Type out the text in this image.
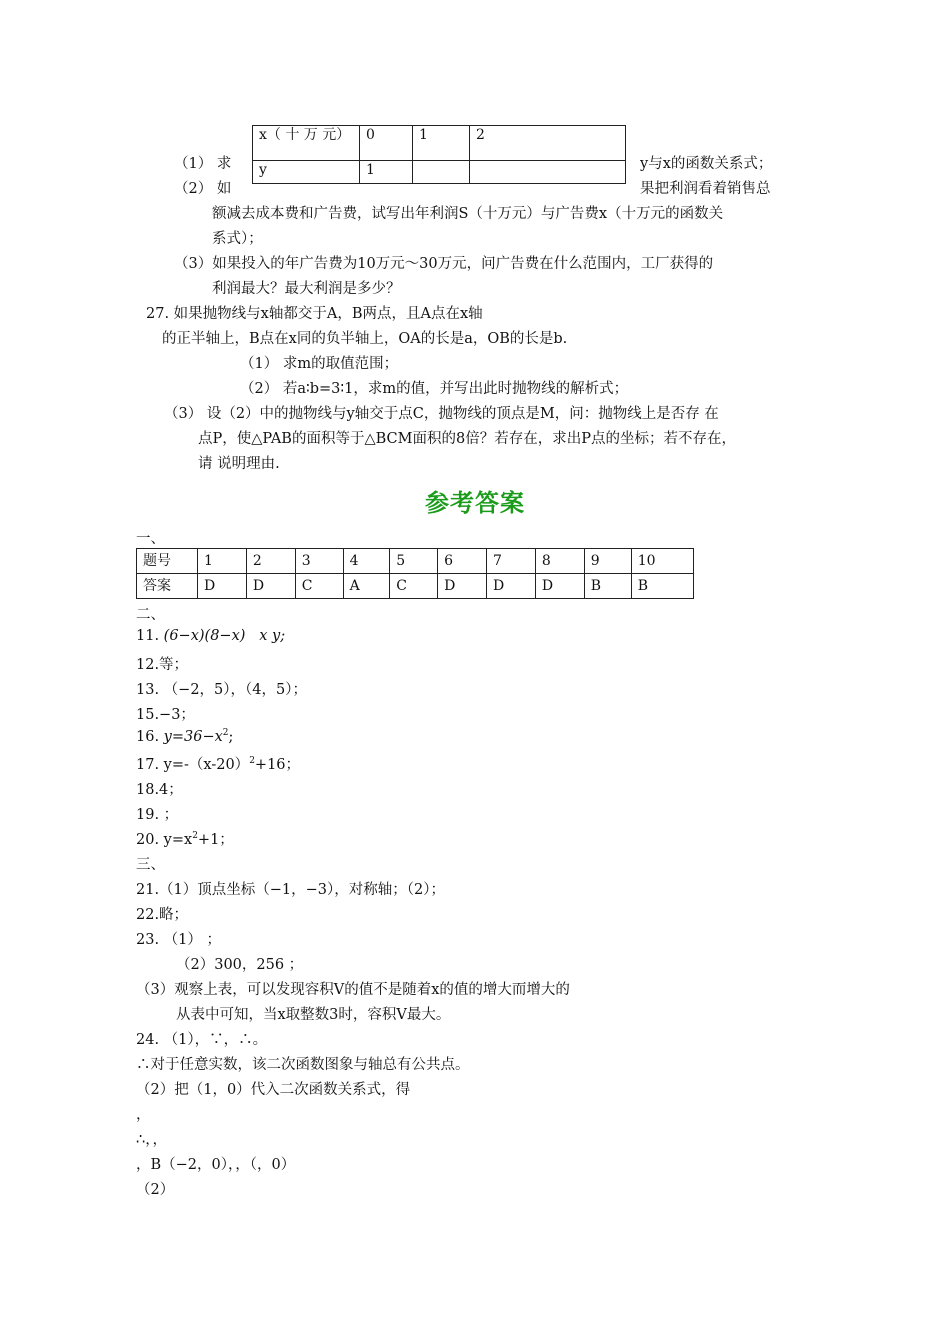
x（ 十 万 元）	0	1	2
y	1		
（1） 求	y与x的函数关系式；
（2） 如	果把利润看着销售总
额减去成本费和广告费，试写出年利润S（十万元）与广告费x（十万元的函数关
系式）；
（3）如果投入的年广告费为10万元～30万元，问广告费在什么范围内，工厂获得的
利润最大？最大利润是多少？
27. 如果抛物线与x轴都交于A，B两点，且A点在x轴
的正半轴上，B点在x同的负半轴上，OA的长是a，OB的长是b.
（1） 求m的取值范围；
（2） 若a∶b=3∶1，求m的值，并写出此时抛物线的解析式；
（3） 设（2）中的抛物线与y轴交于点C，抛物线的顶点是M，问：抛物线上是否存 在
点P，使△PAB的面积等于△BCM面积的8倍？若存在，求出P点的坐标；若不存在，
请 说明理由.
参考答案
一、
题号	1	2	3	4	5	6	7	8	9	10
答案	D	D	C	A	C	D	D	D	B	B
二、
11. (6−x)(8−x) x y;
12.等；
13. （−2，5），（4，5）；
15.−3；
16. $y=36-x^2$;
17. $y=-(x-20)^2+16$；
18.4；
19. ；
20. $y=x^2+1$；
三、
21.（1）顶点坐标（−1，−3），对称轴；（2）；
22.略；
23. （1） ；
（2）300，256 ；
（3）观察上表，可以发现容积V的值不是随着x的值的增大而增大的
从表中可知，当x取整数3时，容积V最大。
24. （1），∵，∴。
∴对于任意实数，该二次函数图象与轴总有公共点。
（2）把（1，0）代入二次函数关系式，得
，
∴，，
，B（−2，0），，（，0）
（2）
